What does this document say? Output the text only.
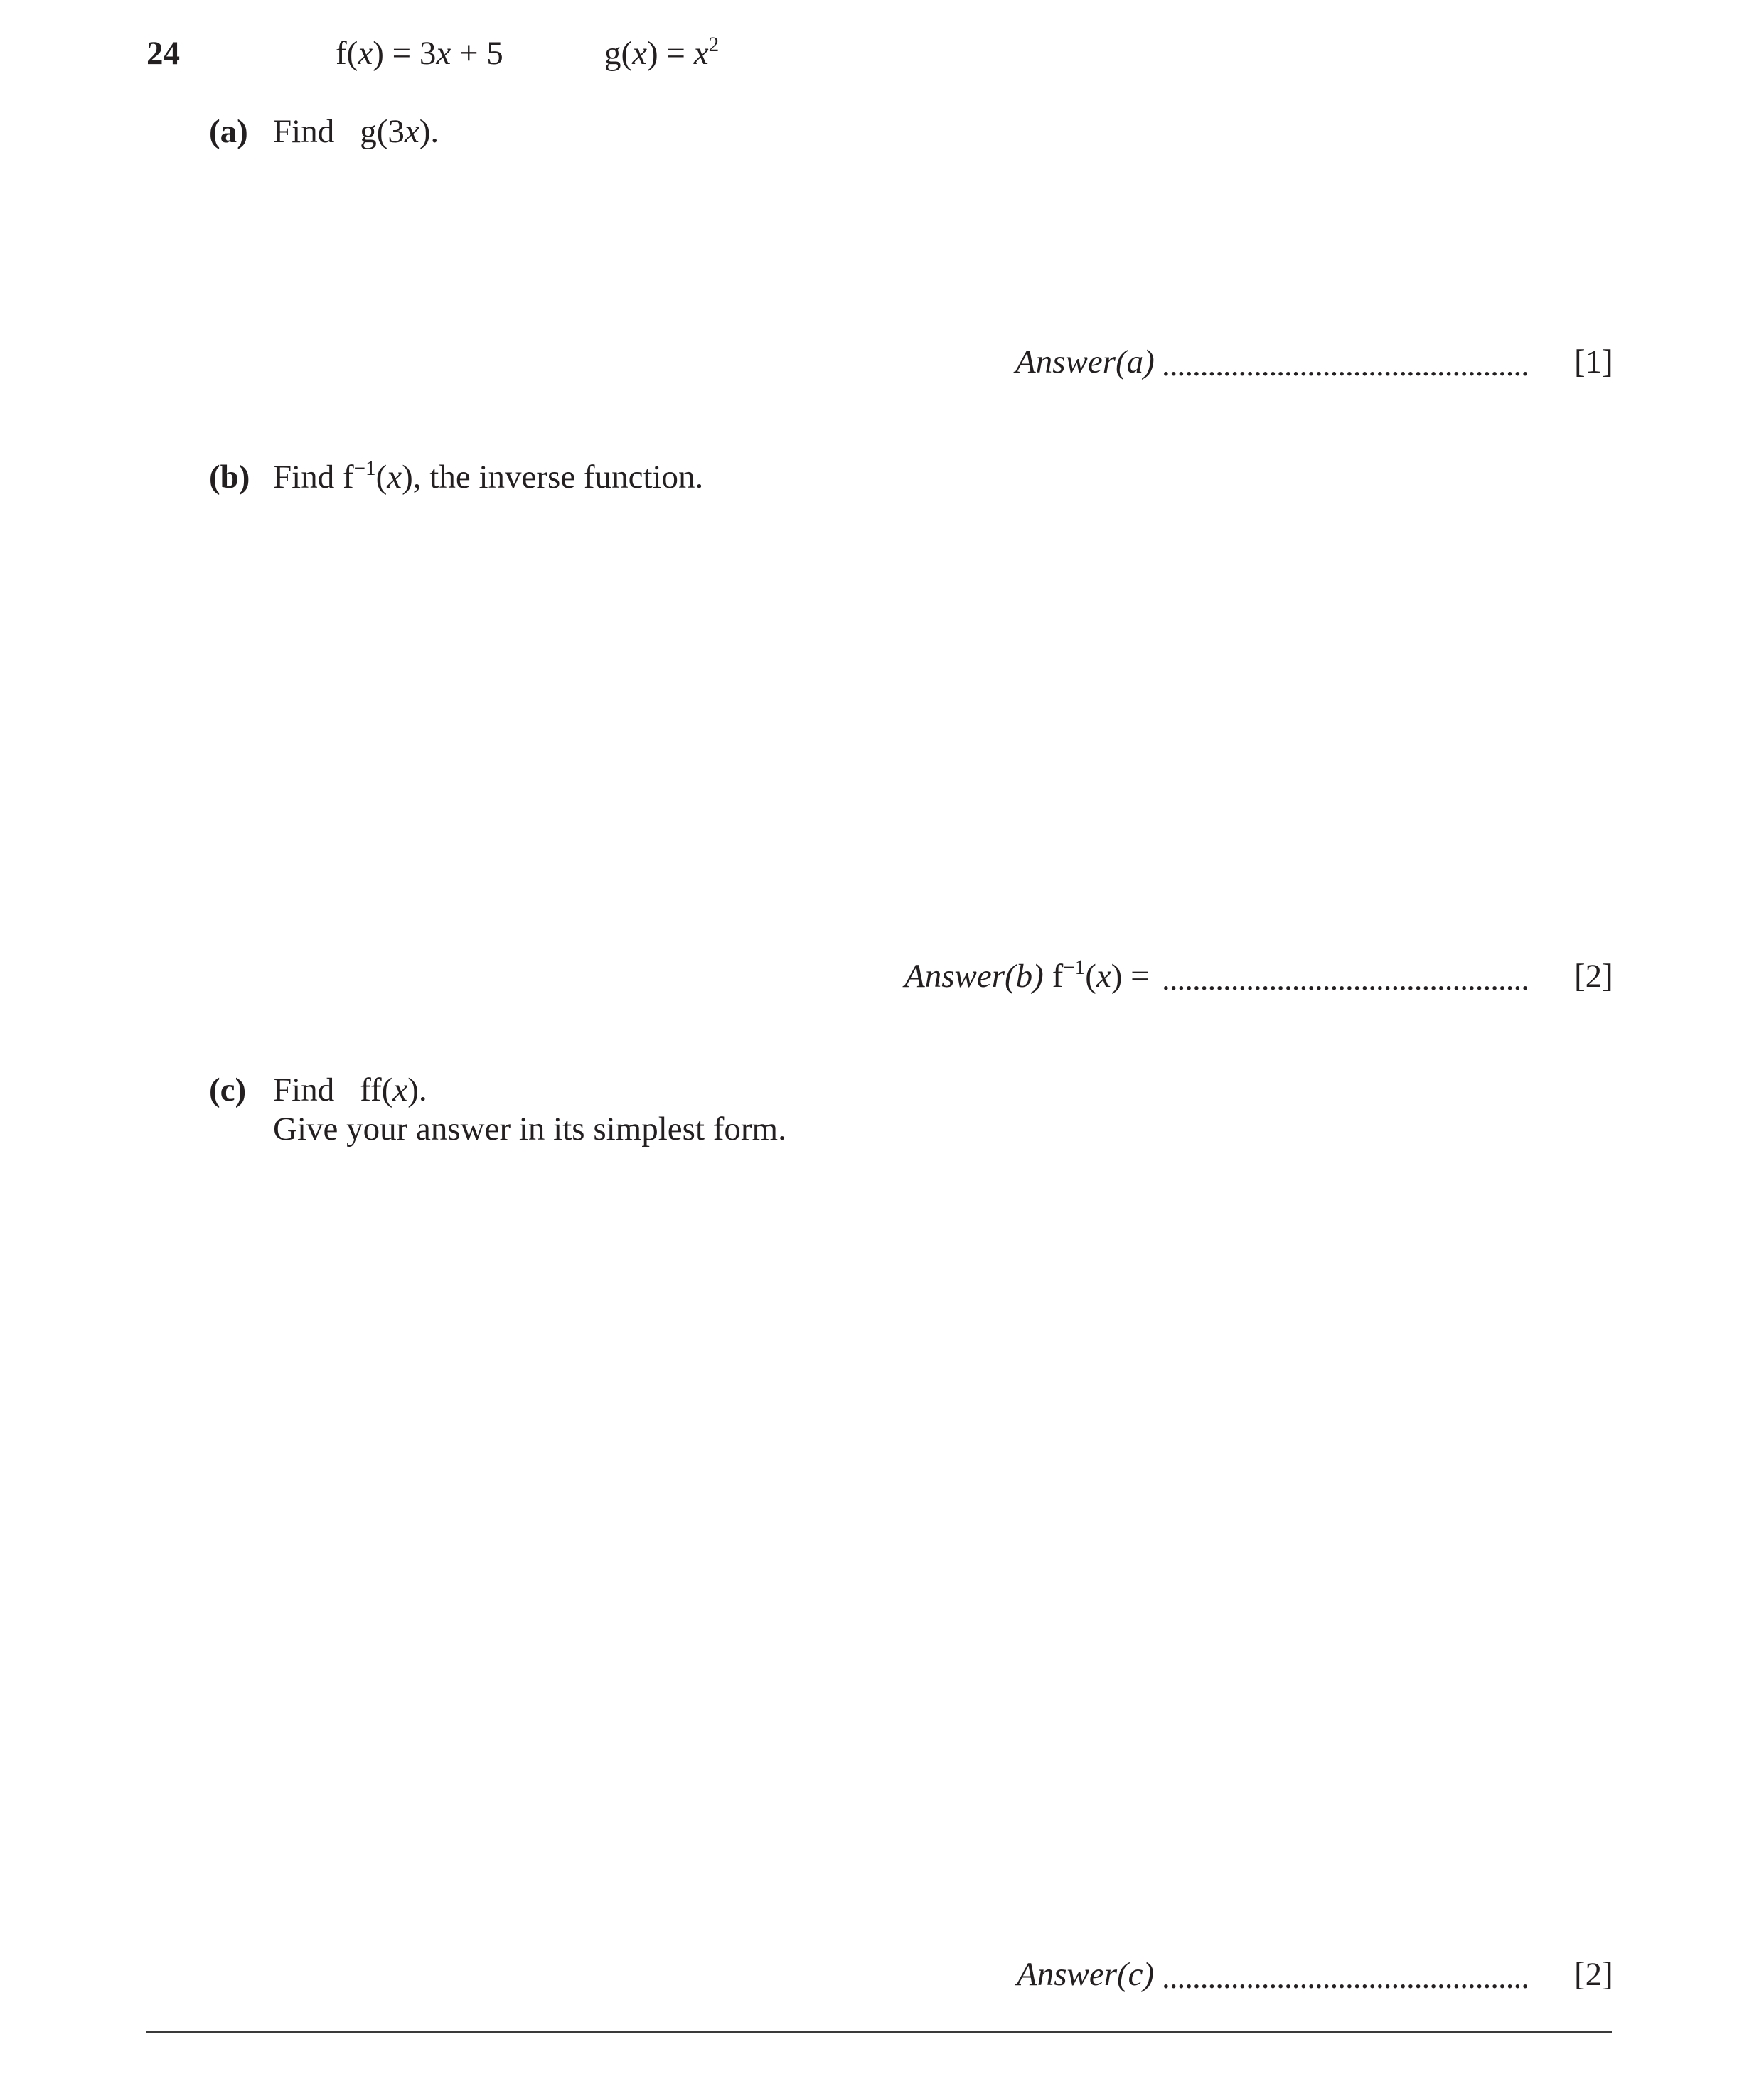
24	f(x) = 3x + 5	$g(x) = x^2$
(a) Find g(3x).
Answer(a) ................................................ [1]
(b) Find $f^{-1}(x)$, the inverse function.
Answer(b) $f^{-1}(x)$ = ................................................ [2]
(c) Find ff(x).
Give your answer in its simplest form.
Answer(c) ................................................ [2]
